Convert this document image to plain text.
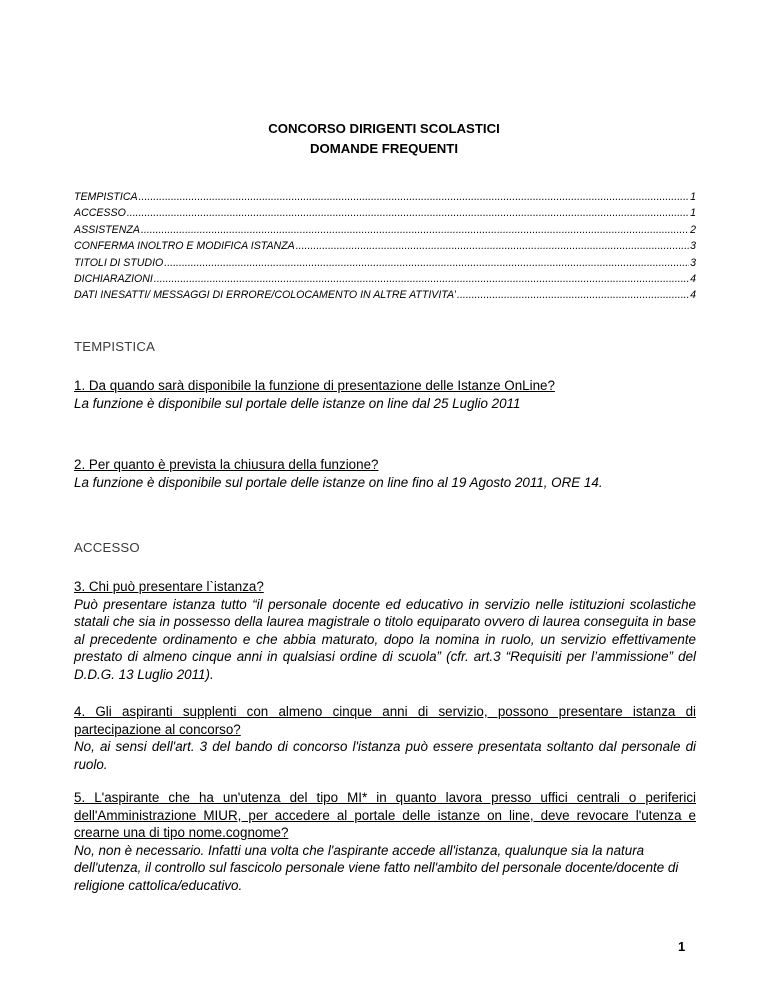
CONCORSO DIRIGENTI SCOLASTICI
DOMANDE FREQUENTI
TEMPISTICA .....	1
ACCESSO .....	1
ASSISTENZA .....	2
CONFERMA INOLTRO E MODIFICA ISTANZA .....	3
TITOLI DI STUDIO .....	3
DICHIARAZIONI .....	4
DATI INESATTI/ MESSAGGI DI ERRORE/COLOCAMENTO IN ALTRE ATTIVITA’ .....	4
TEMPISTICA
1. Da quando sarà disponibile la funzione di presentazione delle Istanze OnLine?
La funzione è disponibile sul portale delle istanze on line dal 25 Luglio 2011
2. Per quanto è prevista la chiusura della funzione?
La funzione è disponibile sul portale delle istanze on line fino al 19 Agosto 2011, ORE 14.
ACCESSO
3. Chi può presentare l`istanza?
Può presentare istanza tutto “il personale docente ed educativo in servizio nelle istituzioni scolastiche statali che sia in possesso della laurea magistrale o titolo equiparato ovvero di laurea conseguita in base al precedente ordinamento e che abbia maturato, dopo la nomina in ruolo, un servizio effettivamente prestato di almeno cinque anni in qualsiasi ordine di scuola” (cfr. art.3 “Requisiti per l’ammissione” del D.D.G. 13 Luglio 2011).
4. Gli aspiranti supplenti con almeno cinque anni di servizio, possono presentare istanza di partecipazione al concorso?
No, ai sensi dell'art. 3 del bando di concorso l'istanza può essere presentata soltanto dal personale di ruolo.
5. L'aspirante che ha un'utenza del tipo MI* in quanto lavora presso uffici centrali o periferici dell'Amministrazione MIUR, per accedere al portale delle istanze on line, deve revocare l'utenza e crearne una di tipo nome.cognome?
No, non è necessario. Infatti una volta che l'aspirante accede all'istanza, qualunque sia la natura dell'utenza, il controllo sul fascicolo personale viene fatto nell'ambito del personale docente/docente di religione cattolica/educativo.
1
